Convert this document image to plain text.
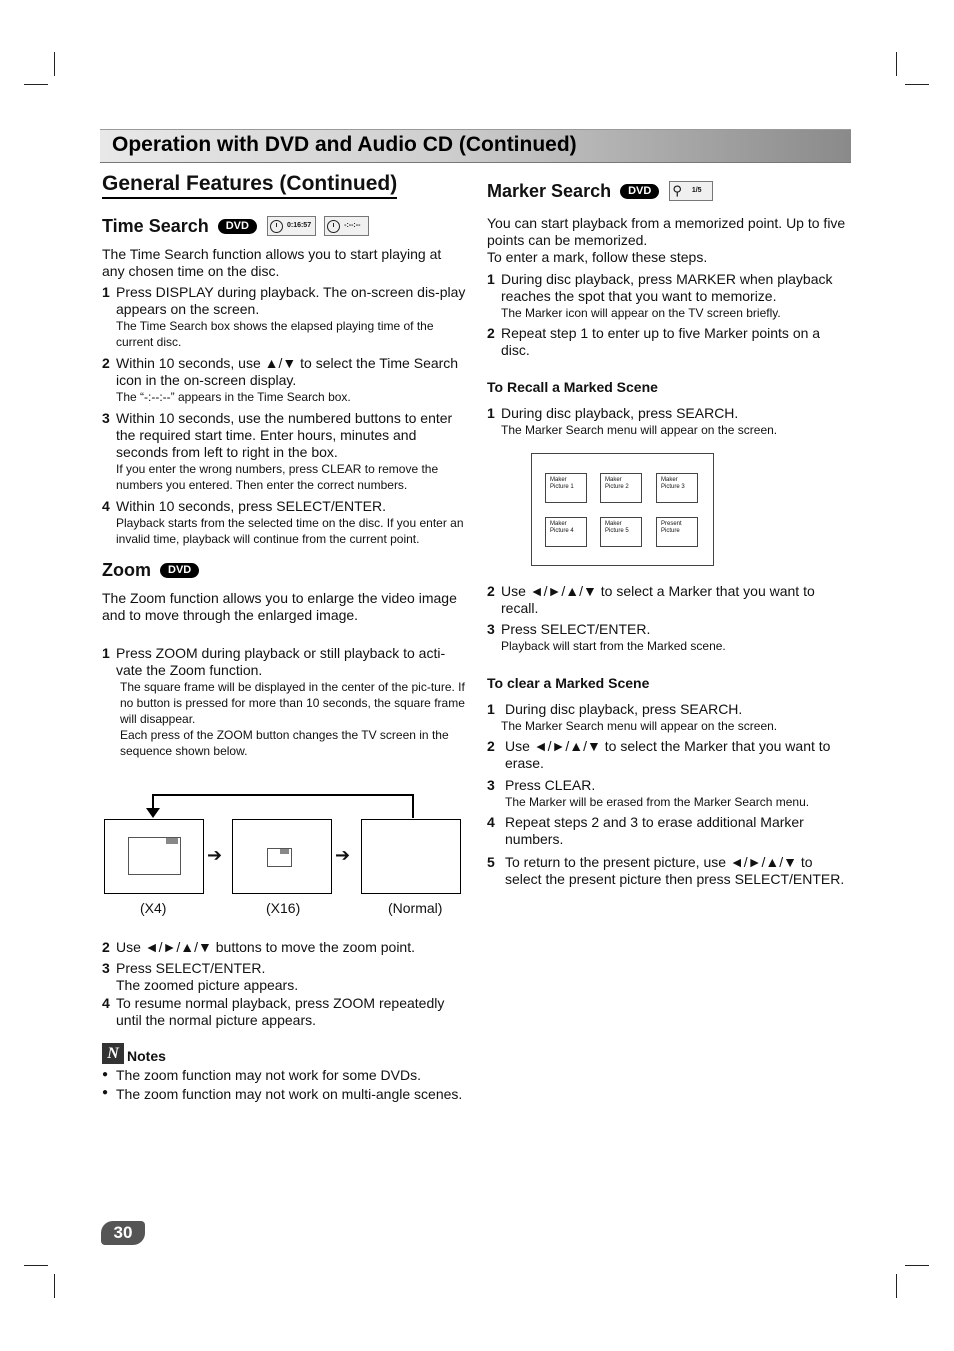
Operation with DVD and Audio CD (Continued)
General Features (Continued)
Time Search	DVD	0:16:57	-:--:--

The Time Search function allows you to start playing at any chosen time on the disc.

1 Press DISPLAY during playback. The on-screen dis-play appears on the screen.
The Time Search box shows the elapsed playing time of the current disc.
2 Within 10 seconds, use ▲/▼ to select the Time Search icon in the on-screen display.
The “-:--:--” appears in the Time Search box.
3 Within 10 seconds, use the numbered buttons to enter the required start time. Enter hours, minutes and seconds from left to right in the box.
If you enter the wrong numbers, press CLEAR to remove the numbers you entered. Then enter the correct numbers.
4 Within 10 seconds, press SELECT/ENTER.
Playback starts from the selected time on the disc. If you enter an invalid time, playback will continue from the current point.
Zoom	DVD

The Zoom function allows you to enlarge the video image and to move through the enlarged image.

1 Press ZOOM during playback or still playback to acti-vate the Zoom function.
The square frame will be displayed in the center of the pic-ture. If no button is pressed for more than 10 seconds, the square frame will disappear.
Each press of the ZOOM button changes the TV screen in the sequence shown below.
➔	➔
(X4)	(X16)	(Normal)
2 Use ◄/►/▲/▼ buttons to move the zoom point.
3 Press SELECT/ENTER.
The zoomed picture appears.
4 To resume normal playback, press ZOOM repeatedly until the normal picture appears.
N Notes
● The zoom function may not work for some DVDs.
● The zoom function may not work on multi-angle scenes.
Marker Search	DVD	⚲ 1/5

You can start playback from a memorized point. Up to five points can be memorized.

To enter a mark, follow these steps.

1 During disc playback, press MARKER when playback reaches the spot that you want to memorize.
The Marker icon will appear on the TV screen briefly.
2 Repeat step 1 to enter up to five Marker points on a disc.
To Recall a Marked Scene
1 During disc playback, press SEARCH.
The Marker Search menu will appear on the screen.
Maker
Picture 1
Maker
Picture 2
Maker
Picture 3
Maker
Picture 4
Maker
Picture 5
Present
Picture
2 Use ◄/►/▲/▼ to select a Marker that you want to recall.
3 Press SELECT/ENTER.
Playback will start from the Marked scene.
To clear a Marked Scene
1 During disc playback, press SEARCH.
The Marker Search menu will appear on the screen.
2 Use ◄/►/▲/▼ to select the Marker that you want to erase.
3 Press CLEAR.
The Marker will be erased from the Marker Search menu.
4 Repeat steps 2 and 3 to erase additional Marker numbers.
5 To return to the present picture, use ◄/►/▲/▼ to select the present picture then press SELECT/ENTER.
30
